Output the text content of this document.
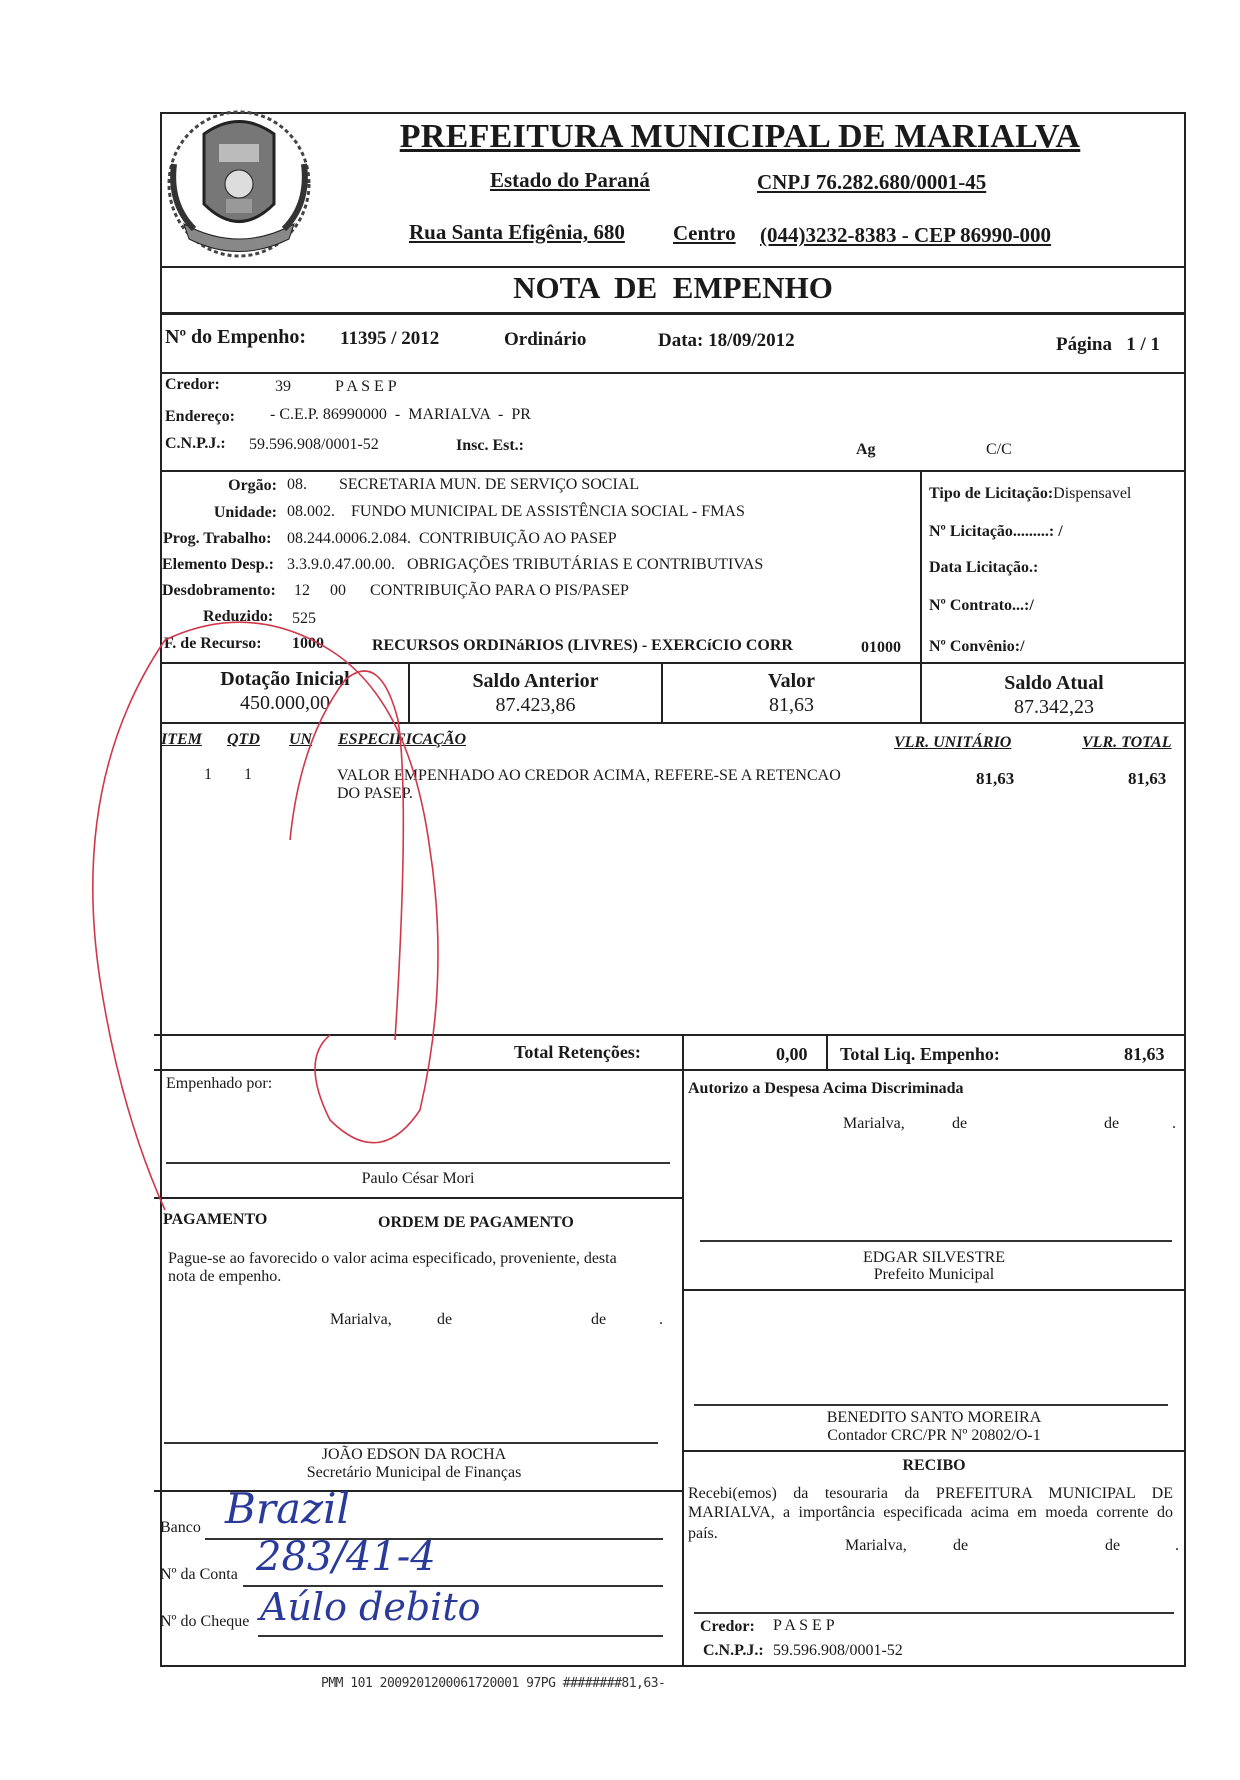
PREFEITURA MUNICIPAL DE MARIALVA
Estado do Paraná	CNPJ 76.282.680/0001-45
Rua Santa Efigênia, 680 Centro (044)3232-8383 - CEP 86990-000
NOTA  DE  EMPENHO
Nº do Empenho: 11395 / 2012	Ordinário	Data: 18/09/2012	Página   1 / 1
Credor:	39	P A S E P
Endereço: - C.E.P. 86990000  -  MARIALVA  -  PR
C.N.P.J.: 59.596.908/0001-52	Insc. Est.:	Ag	C/C
Orgão: 08.        SECRETARIA MUN. DE SERVIÇO SOCIAL
Unidade: 08.002.    FUNDO MUNICIPAL DE ASSISTÊNCIA SOCIAL - FMAS
Prog. Trabalho: 08.244.0006.2.084.  CONTRIBUIÇÃO AO PASEP
Elemento Desp.: 3.3.9.0.47.00.00.   OBRIGAÇÕES TRIBUTÁRIAS E CONTRIBUTIVAS
Desdobramento: 12     00      CONTRIBUIÇÃO PARA O PIS/PASEP
Reduzido: 525
F. de Recurso: 1000	RECURSOS ORDINáRIOS (LIVRES) - EXERCíCIO CORR	01000
Tipo de Licitação:Dispensavel
Nº Licitação.........: /
Data Licitação.:
Nº Contrato...:/
Nº Convênio:/
Dotação Inicial
450.000,00
Saldo Anterior
87.423,86
Valor
81,63
Saldo Atual
87.342,23
ITEM QTD UN ESPECIFICAÇÃO	VLR. UNITÁRIO	VLR. TOTAL
1 1	VALOR EMPENHADO AO CREDOR ACIMA, REFERE-SE A RETENCAO
DO PASEP.
81,63	81,63
Total Retenções:	0,00 Total Liq. Empenho:	81,63
Empenhado por:
Paulo César Mori
Autorizo a Despesa Acima Discriminada
Marialva,	de	de	.
EDGAR SILVESTRE
Prefeito Municipal
BENEDITO SANTO MOREIRA
Contador CRC/PR Nº 20802/O-1
PAGAMENTO	ORDEM DE PAGAMENTO
Pague-se ao favorecido o valor acima especificado, proveniente, desta
nota de empenho.
Marialva,	de	de	.
JOÃO EDSON DA ROCHA
Secretário Municipal de Finanças
Banco Brazil
Nº da Conta 283/41-4
Nº do Cheque Aúlo debito
RECIBO
Recebi(emos) da tesouraria da PREFEITURA MUNICIPAL DE
MARIALVA, a importância especificada acima em moeda corrente do
país.
Marialva,	de	de	.
Credor: P A S E P
C.N.P.J.: 59.596.908/0001-52
PMM 101 2009201200061720001 97PG ########81,63-
